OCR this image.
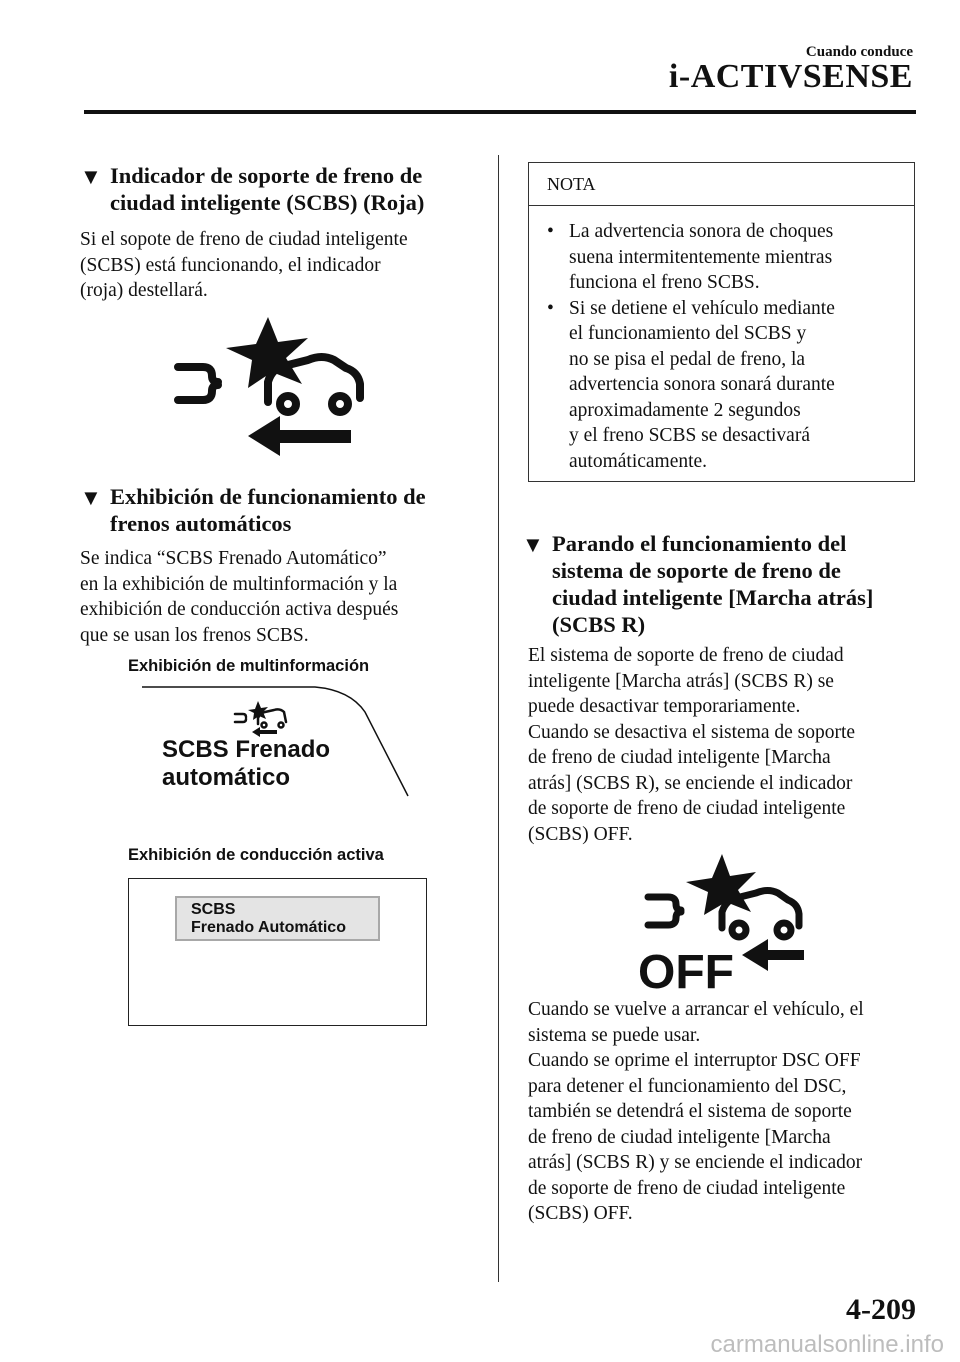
Cuando conduce
i-ACTIVSENSE
▼ Indicador de soporte de freno de
ciudad inteligente (SCBS) (Roja)
Si el sopote de freno de ciudad inteligente
(SCBS) está funcionando, el indicador
(roja) destellará.
▼ Exhibición de funcionamiento de
frenos automáticos
Se indica “SCBS Frenado Automático”
en la exhibición de multinformación y la
exhibición de conducción activa después
que se usan los frenos SCBS.
Exhibición de multinformación
SCBS Frenado
automático
Exhibición de conducción activa
SCBS
Frenado Automático
NOTA
• La advertencia sonora de choques
suena intermitentemente mientras
funciona el freno SCBS.
• Si se detiene el vehículo mediante
el funcionamiento del SCBS y
no se pisa el pedal de freno, la
advertencia sonora sonará durante
aproximadamente 2 segundos
y el freno SCBS se desactivará
automáticamente.
▼ Parando el funcionamiento del
sistema de soporte de freno de
ciudad inteligente [Marcha atrás]
(SCBS R)
El sistema de soporte de freno de ciudad
inteligente [Marcha atrás] (SCBS R) se
puede desactivar temporariamente.
Cuando se desactiva el sistema de soporte
de freno de ciudad inteligente [Marcha
atrás] (SCBS R), se enciende el indicador
de soporte de freno de ciudad inteligente
(SCBS) OFF.
OFF
Cuando se vuelve a arrancar el vehículo, el
sistema se puede usar.
Cuando se oprime el interruptor DSC OFF
para detener el funcionamiento del DSC,
también se detendrá el sistema de soporte
de freno de ciudad inteligente [Marcha
atrás] (SCBS R) y se enciende el indicador
de soporte de freno de ciudad inteligente
(SCBS) OFF.
4-209
carmanualsonline.info
